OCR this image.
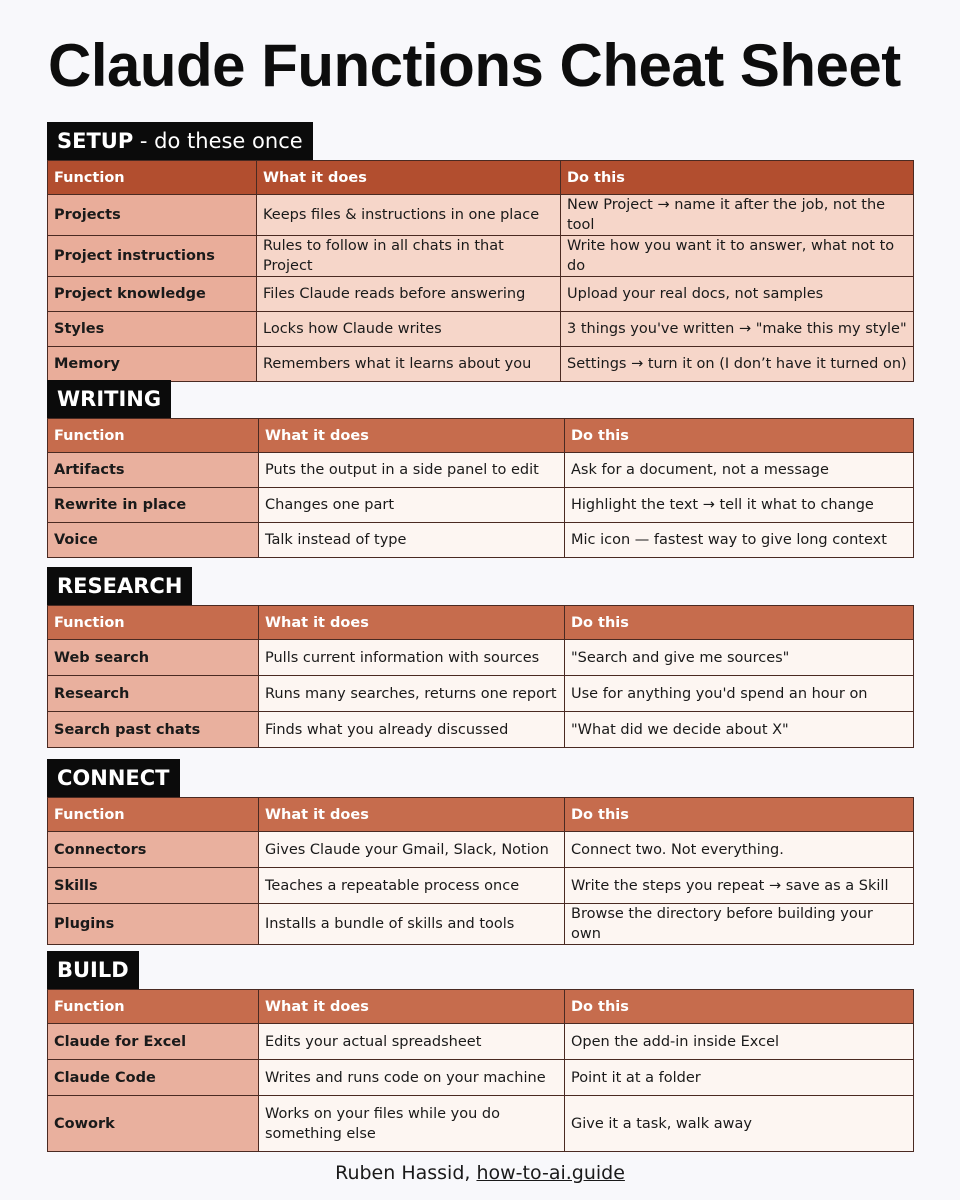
Claude Functions Cheat Sheet
SETUP - do these once
Function	What it does	Do this
Projects	Keeps files & instructions in one place	New Project → name it after the job, not the tool
Project instructions	Rules to follow in all chats in that Project	Write how you want it to answer, what not to do
Project knowledge	Files Claude reads before answering	Upload your real docs, not samples
Styles	Locks how Claude writes	3 things you've written → "make this my style"
Memory	Remembers what it learns about you	Settings → turn it on (I don’t have it turned on)
WRITING
Function	What it does	Do this
Artifacts	Puts the output in a side panel to edit	Ask for a document, not a message
Rewrite in place	Changes one part	Highlight the text → tell it what to change
Voice	Talk instead of type	Mic icon — fastest way to give long context
RESEARCH
Function	What it does	Do this
Web search	Pulls current information with sources	"Search and give me sources"
Research	Runs many searches, returns one report	Use for anything you'd spend an hour on
Search past chats	Finds what you already discussed	"What did we decide about X"
CONNECT
Function	What it does	Do this
Connectors	Gives Claude your Gmail, Slack, Notion	Connect two. Not everything.
Skills	Teaches a repeatable process once	Write the steps you repeat → save as a Skill
Plugins	Installs a bundle of skills and tools	Browse the directory before building your own
BUILD
Function	What it does	Do this
Claude for Excel	Edits your actual spreadsheet	Open the add-in inside Excel
Claude Code	Writes and runs code on your machine	Point it at a folder
Cowork	Works on your files while you do something else	Give it a task, walk away
Ruben Hassid, how-to-ai.guide
